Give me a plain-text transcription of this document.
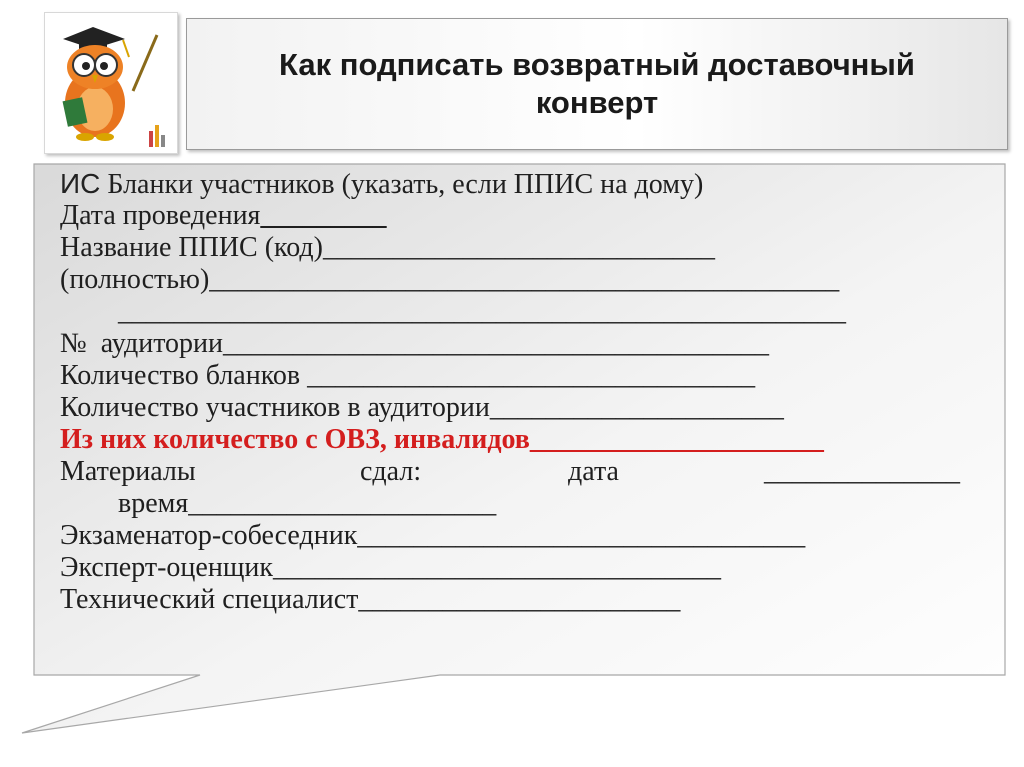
Как подписать возвратный доставочный конверт
ИС Бланки участников (указать, если ППИС на дому)
Дата проведения_________
Название ППИС (код)____________________________
(полностью)_____________________________________________
____________________________________________________
№  аудитории_______________________________________
Количество бланков ________________________________
Количество участников в аудитории_____________________
Из них количество с ОВЗ, инвалидов_____________________
Материалы	сдал:	дата	______________
время______________________
Экзаменатор-собеседник________________________________
Эксперт-оценщик________________________________
Технический специалист_______________________
